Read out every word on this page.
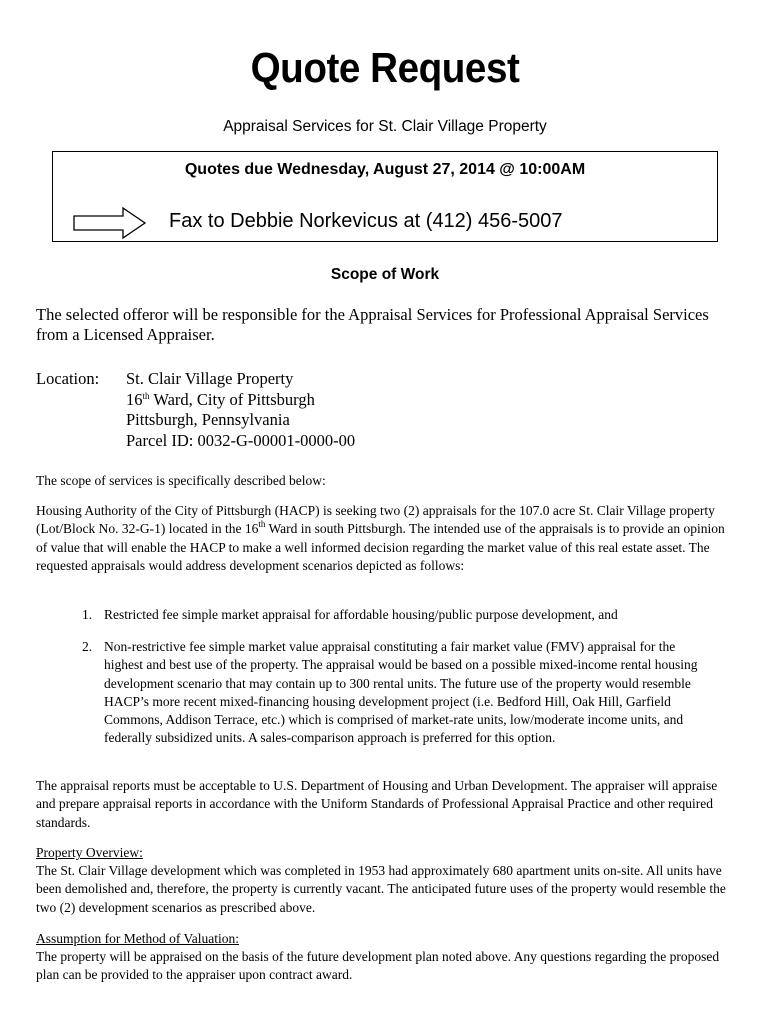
Quote Request
Appraisal Services for St. Clair Village Property
Quotes due Wednesday, August 27, 2014 @ 10:00AM
Fax to Debbie Norkevicus at (412) 456-5007
Scope of Work
The selected offeror will be responsible for the Appraisal Services for Professional Appraisal Services from a Licensed Appraiser.
Location: St. Clair Village Property
16th Ward, City of Pittsburgh
Pittsburgh, Pennsylvania
Parcel ID: 0032-G-00001-0000-00
The scope of services is specifically described below:
Housing Authority of the City of Pittsburgh (HACP) is seeking two (2) appraisals for the 107.0 acre St. Clair Village property (Lot/Block No. 32-G-1) located in the 16th Ward in south Pittsburgh. The intended use of the appraisals is to provide an opinion of value that will enable the HACP to make a well informed decision regarding the market value of this real estate asset. The requested appraisals would address development scenarios depicted as follows:
1. Restricted fee simple market appraisal for affordable housing/public purpose development, and
2. Non-restrictive fee simple market value appraisal constituting a fair market value (FMV) appraisal for the highest and best use of the property. The appraisal would be based on a possible mixed-income rental housing development scenario that may contain up to 300 rental units. The future use of the property would resemble HACP’s more recent mixed-financing housing development project (i.e. Bedford Hill, Oak Hill, Garfield Commons, Addison Terrace, etc.) which is comprised of market-rate units, low/moderate income units, and federally subsidized units. A sales-comparison approach is preferred for this option.
The appraisal reports must be acceptable to U.S. Department of Housing and Urban Development. The appraiser will appraise and prepare appraisal reports in accordance with the Uniform Standards of Professional Appraisal Practice and other required standards.
Property Overview:
The St. Clair Village development which was completed in 1953 had approximately 680 apartment units on-site. All units have been demolished and, therefore, the property is currently vacant. The anticipated future uses of the property would resemble the two (2) development scenarios as prescribed above.
Assumption for Method of Valuation:
The property will be appraised on the basis of the future development plan noted above. Any questions regarding the proposed plan can be provided to the appraiser upon contract award.
